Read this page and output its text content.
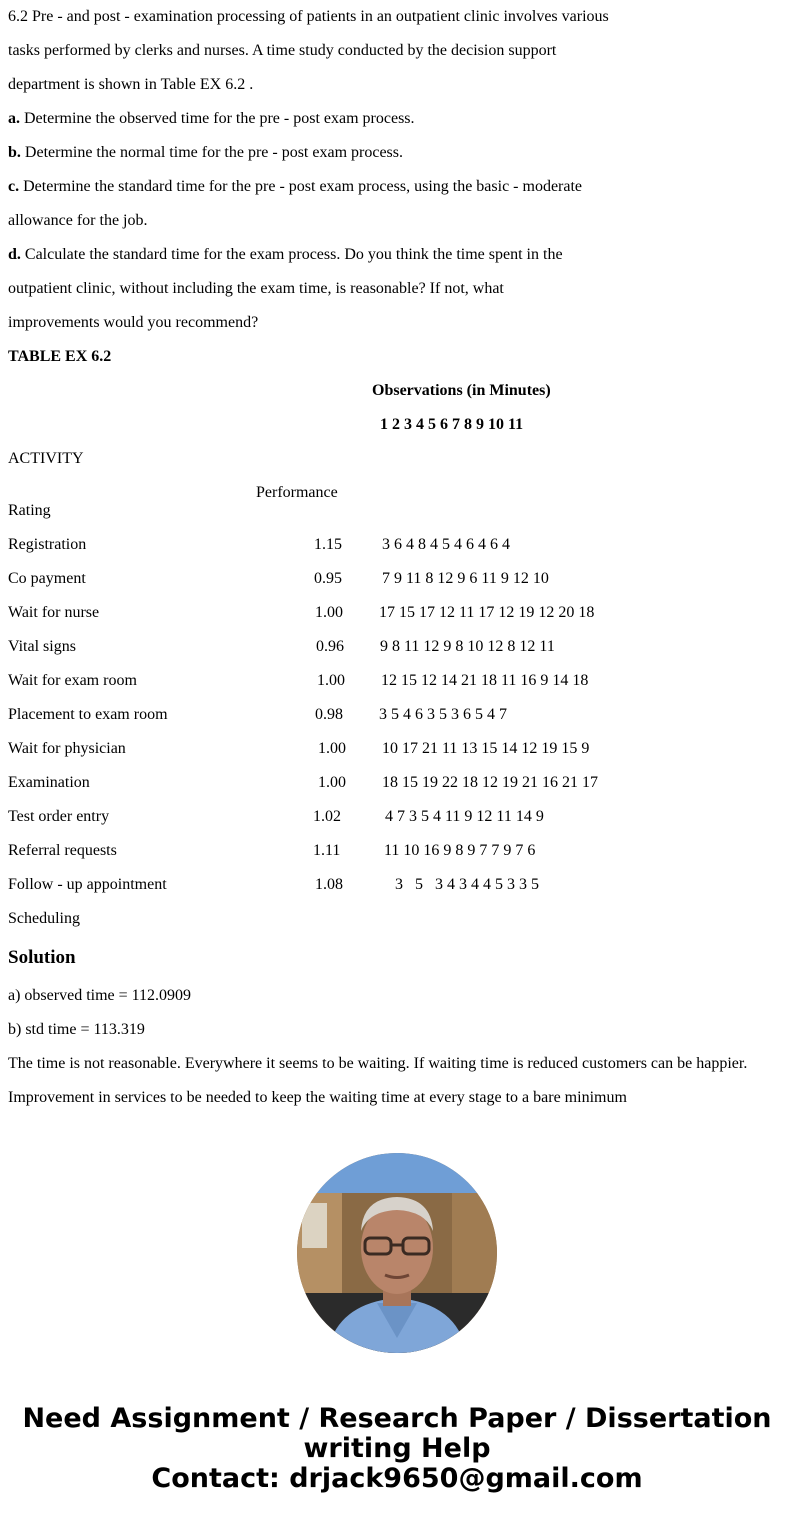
6.2 Pre - and post - examination processing of patients in an outpatient clinic involves various
tasks performed by clerks and nurses. A time study conducted by the decision support
department is shown in Table EX 6.2 .
a. Determine the observed time for the pre - post exam process.
b. Determine the normal time for the pre - post exam process.
c. Determine the standard time for the pre - post exam process, using the basic - moderate
allowance for the job.
d. Calculate the standard time for the exam process. Do you think the time spent in the
outpatient clinic, without including the exam time, is reasonable? If not, what
improvements would you recommend?
TABLE EX 6.2
Observations (in Minutes)
1 2 3 4 5 6 7 8 9 10 11
ACTIVITY
Performance
Rating
Registration	1.15	3 6 4 8 4 5 4 6 4 6 4
Co payment	0.95	7 9 11 8 12 9 6 11 9 12 10
Wait for nurse	1.00 17 15 17 12 11 17 12 19 12 20 18
Vital signs	0.96 9 8 11 12 9 8 10 12 8 12 11
Wait for exam room	1.00 12 15 12 14 21 18 11 16 9 14 18
Placement to exam room	0.98 3 5 4 6 3 5 3 6 5 4 7
Wait for physician	1.00 10 17 21 11 13 15 14 12 19 15 9
Examination	1.00 18 15 19 22 18 12 19 21 16 21 17
Test order entry	1.02	4 7 3 5 4 11 9 12 11 14 9
Referral requests	1.11	11 10 16 9 8 9 7 7 9 7 6
Follow - up appointment	1.08	3   5   3 4 3 4 4 5 3 3 5
Scheduling
Solution
a) observed time = 112.0909
b) std time = 113.319
The time is not reasonable. Everywhere it seems to be waiting. If waiting time is reduced customers can be happier.
Improvement in services to be needed to keep the waiting time at every stage to a bare minimum
Need Assignment / Research Paper / Dissertation
writing Help
Contact: drjack9650@gmail.com
